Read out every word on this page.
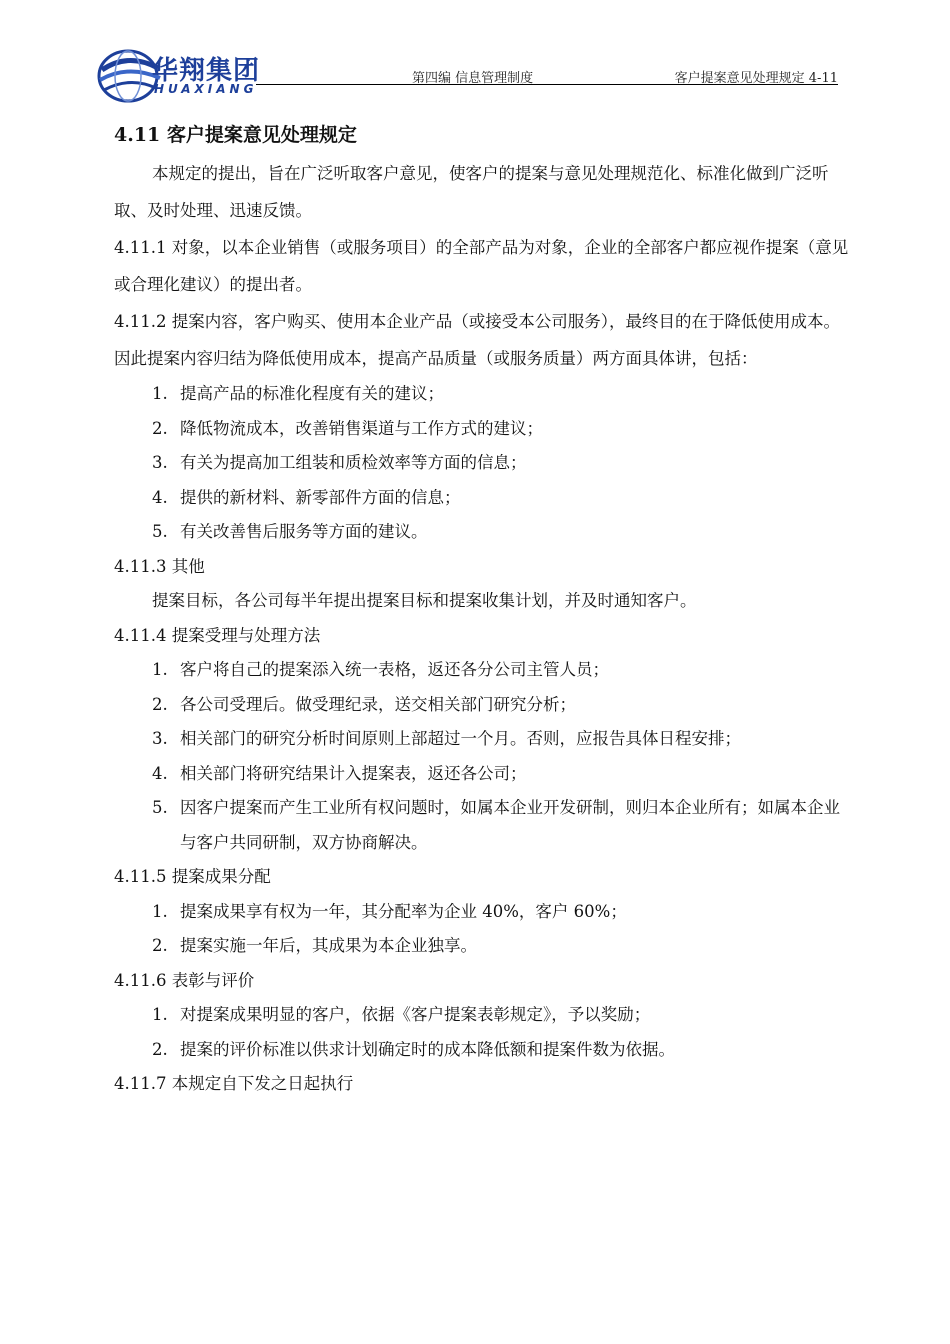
华翔集团
HUAXIANG
第四编 信息管理制度	客户提案意见处理规定 4-11
4.11 客户提案意见处理规定

本规定的提出，旨在广泛听取客户意见，使客户的提案与意见处理规范化、标准化做到广泛听取、及时处理、迅速反馈。

4.11.1 对象，以本企业销售（或服务项目）的全部产品为对象，企业的全部客户都应视作提案（意见或合理化建议）的提出者。

4.11.2 提案内容，客户购买、使用本企业产品（或接受本公司服务），最终目的在于降低使用成本。因此提案内容归结为降低使用成本，提高产品质量（或服务质量）两方面具体讲，包括：

1. 提高产品的标准化程度有关的建议；
2. 降低物流成本，改善销售渠道与工作方式的建议；
3. 有关为提高加工组装和质检效率等方面的信息；
4. 提供的新材料、新零部件方面的信息；
5. 有关改善售后服务等方面的建议。

4.11.3 其他

提案目标，各公司每半年提出提案目标和提案收集计划，并及时通知客户。

4.11.4 提案受理与处理方法

1. 客户将自己的提案添入统一表格，返还各分公司主管人员；
2. 各公司受理后。做受理纪录，送交相关部门研究分析；
3. 相关部门的研究分析时间原则上部超过一个月。否则，应报告具体日程安排；
4. 相关部门将研究结果计入提案表，返还各公司；
5. 因客户提案而产生工业所有权问题时，如属本企业开发研制，则归本企业所有；如属本企业与客户共同研制，双方协商解决。

4.11.5 提案成果分配

1. 提案成果享有权为一年，其分配率为企业 40%，客户 60%；
2. 提案实施一年后，其成果为本企业独享。

4.11.6 表彰与评价

1. 对提案成果明显的客户，依据《客户提案表彰规定》，予以奖励；
2. 提案的评价标准以供求计划确定时的成本降低额和提案件数为依据。

4.11.7 本规定自下发之日起执行
